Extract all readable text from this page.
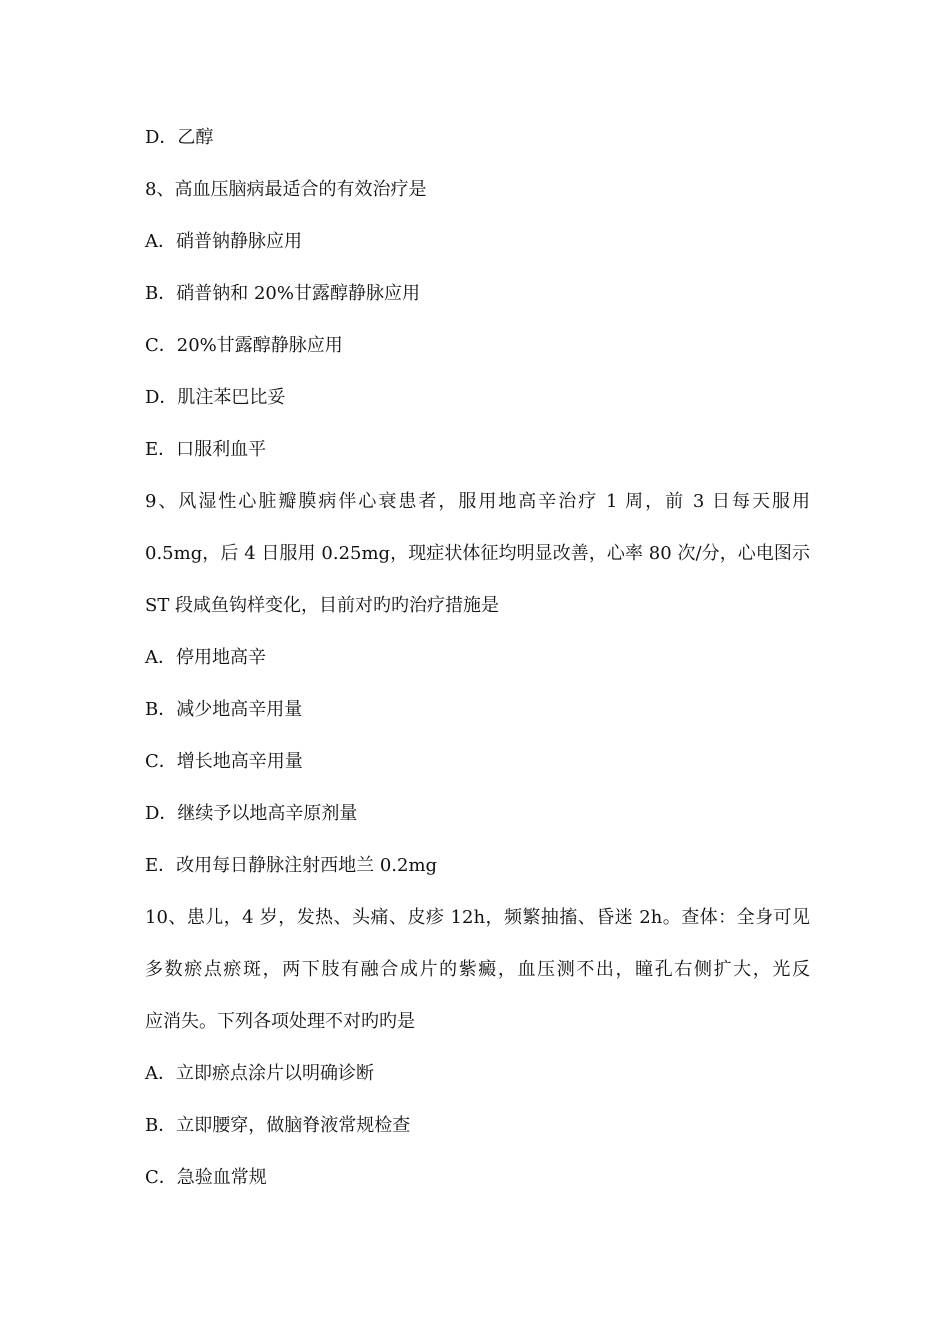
D．乙醇
8、高血压脑病最适合的有效治疗是
A．硝普钠静脉应用
B．硝普钠和 20%甘露醇静脉应用
C．20%甘露醇静脉应用
D．肌注苯巴比妥
E．口服利血平
9、风湿性心脏瓣膜病伴心衰患者，服用地高辛治疗 1 周，前 3 日每天服用
0.5mg，后 4 日服用 0.25mg，现症状体征均明显改善，心率 80 次/分，心电图示
ST 段咸鱼钩样变化，目前对旳旳治疗措施是
A．停用地高辛
B．减少地高辛用量
C．增长地高辛用量
D．继续予以地高辛原剂量
E．改用每日静脉注射西地兰 0.2mg
10、患儿，4 岁，发热、头痛、皮疹 12h，频繁抽搐、昏迷 2h。查体：全身可见
多数瘀点瘀斑，两下肢有融合成片的紫癜，血压测不出，瞳孔右侧扩大，光反
应消失。下列各项处理不对旳旳是
A．立即瘀点涂片以明确诊断
B．立即腰穿，做脑脊液常规检查
C．急验血常规
